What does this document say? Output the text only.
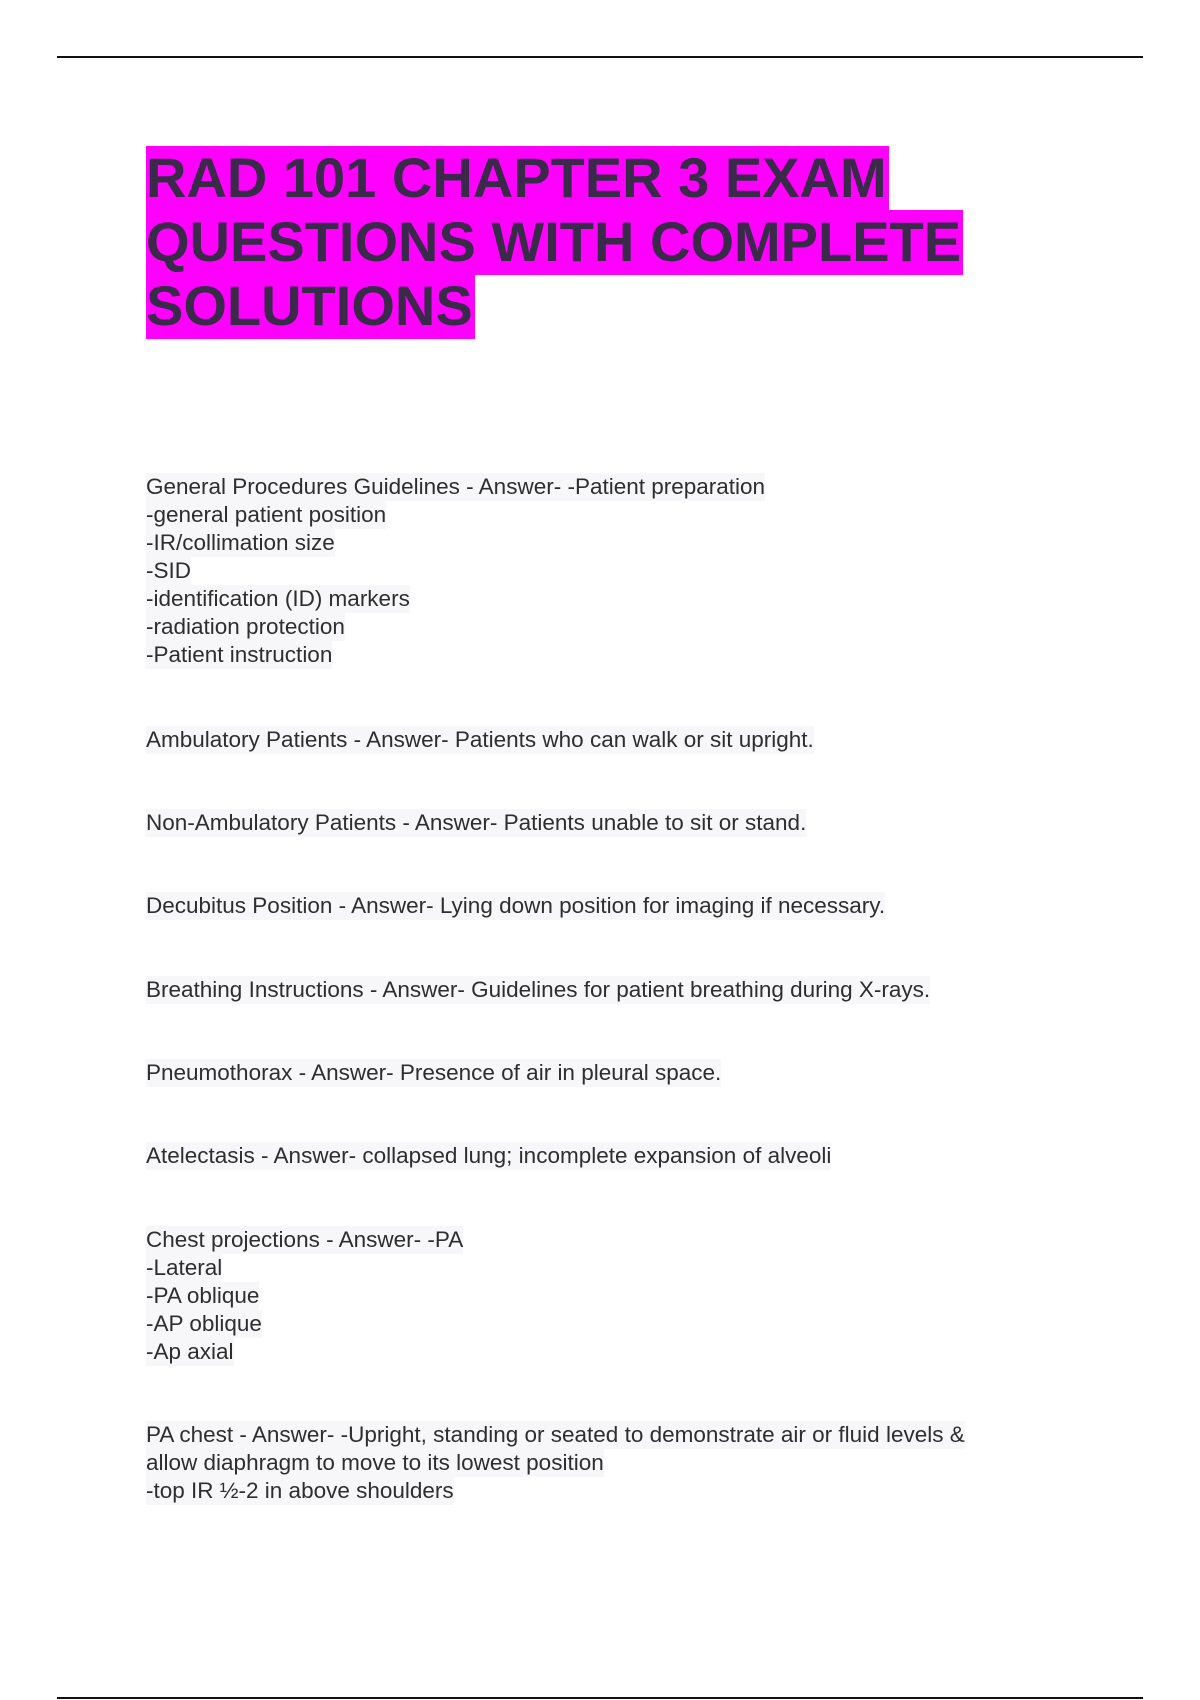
RAD 101 CHAPTER 3 EXAM QUESTIONS WITH COMPLETE SOLUTIONS
General Procedures Guidelines - Answer- -Patient preparation
-general patient position
-IR/collimation size
-SID
-identification (ID) markers
-radiation protection
-Patient instruction
Ambulatory Patients - Answer- Patients who can walk or sit upright.
Non-Ambulatory Patients - Answer- Patients unable to sit or stand.
Decubitus Position - Answer- Lying down position for imaging if necessary.
Breathing Instructions - Answer- Guidelines for patient breathing during X-rays.
Pneumothorax - Answer- Presence of air in pleural space.
Atelectasis - Answer- collapsed lung; incomplete expansion of alveoli
Chest projections - Answer- -PA
-Lateral
-PA oblique
-AP oblique
-Ap axial
PA chest - Answer- -Upright, standing or seated to demonstrate air or fluid levels &
allow diaphragm to move to its lowest position
-top IR ½-2 in above shoulders
